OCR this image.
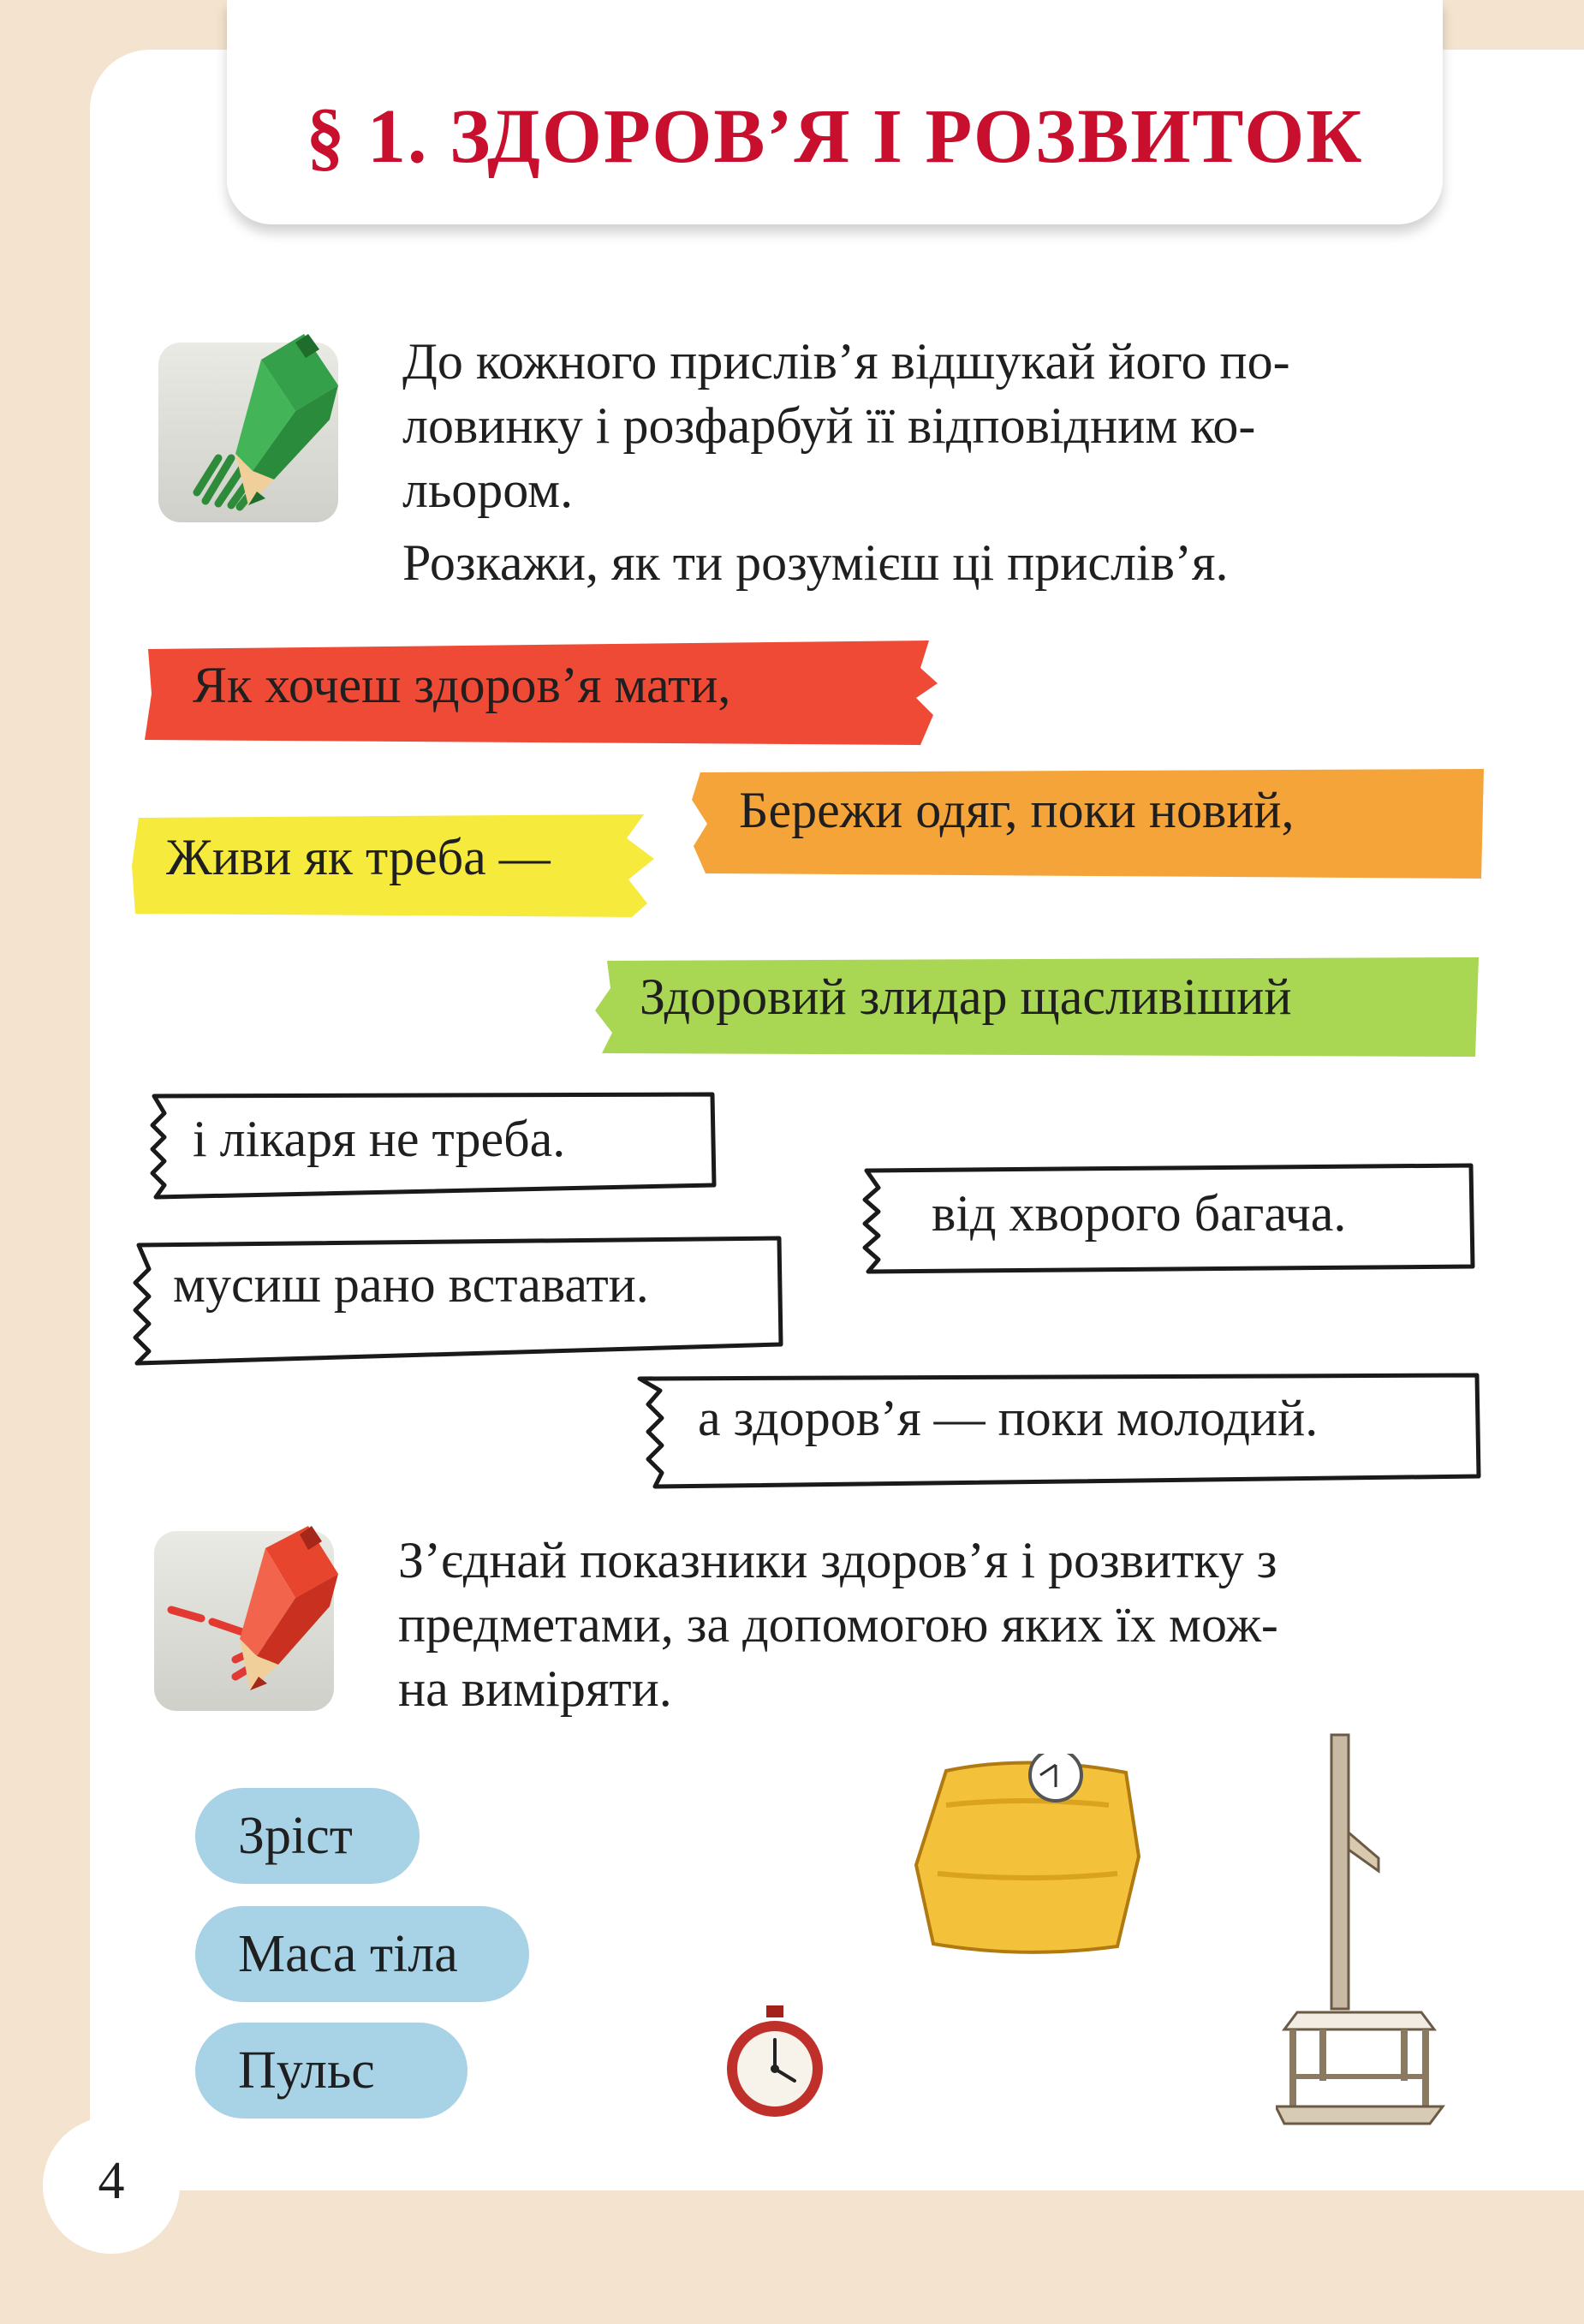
§ 1. ЗДОРОВ’Я І РОЗВИТОК
До кожного прислів’я відшукай його по-
ловинку і розфарбуй її відповідним ко-
льором.
Розкажи, як ти розумієш ці прислів’я.
Як хочеш здоров’я мати,
Бережи одяг, поки новий,
Живи як треба —
Здоровий злидар щасливіший
і лікаря не треба.
від хворого багача.
мусиш рано вставати.
а здоров’я — поки молодий.
З’єднай показники здоров’я і розвитку з
предметами, за допомогою яких їх мож-
на виміряти.
Зріст
Маса тіла
Пульс
4
